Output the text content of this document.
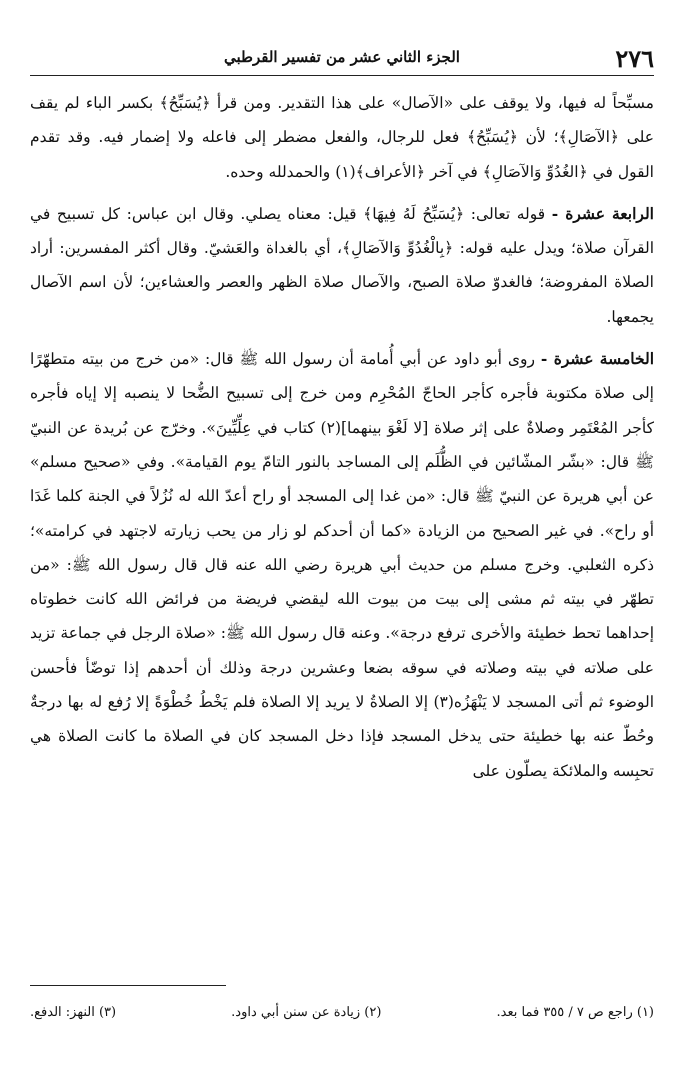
٢٧٦
الجزء الثاني عشر من تفسير القرطبي

مسبِّحاً له فيها، ولا يوقف على «الآصال» على هذا التقدير. ومن قرأ ﴿يُسَبِّحُ﴾ بكسر الباء لم يقف على ﴿الآصَالِ﴾؛ لأن ﴿يُسَبِّحُ﴾ فعل للرجال، والفعل مضطر إلى فاعله ولا إضمار فيه. وقد تقدم القول في ﴿الغُدُوِّ وَالآصَالِ﴾ في آخر ﴿الأعراف﴾(١) والحمدلله وحده.

الرابعة عشرة - قوله تعالى: ﴿يُسَبِّحُ لَهُ فِيهَا﴾ قيل: معناه يصلي. وقال ابن عباس: كل تسبيح في القرآن صلاة؛ ويدل عليه قوله: ﴿بِالْغُدُوِّ وَالآصَالِ﴾، أي بالغداة والعَشيّ. وقال أكثر المفسرين: أراد الصلاة المفروضة؛ فالغدوّ صلاة الصبح، والآصال صلاة الظهر والعصر والعشاءين؛ لأن اسم الآصال يجمعها.

الخامسة عشرة - روى أبو داود عن أبي أُمامة أن رسول الله ﷺ قال: «من خرج من بيته متطهّرًا إلى صلاة مكتوبة فأجره كأجر الحاجّ المُحْرِم ومن خرج إلى تسبيح الضُّحا لا ينصبه إلا إياه فأجره كأجر المُعْتَمِر وصلاةٌ على إثر صلاة [لا لَغْوَ بينهما](٢) كتاب في عِلِّيِّينَ». وخرّج عن بُريدة عن النبيّ ﷺ قال: «بشّر المشّائين في الظُّلَم إلى المساجد بالنور التامّ يوم القيامة». وفي «صحيح مسلم» عن أبي هريرة عن النبيّ ﷺ قال: «من غدا إلى المسجد أو راح أعدّ الله له نُزُلاً في الجنة كلما غَدَا أو راح». في غير الصحيح من الزيادة «كما أن أحدكم لو زار من يحب زيارته لاجتهد في كرامته»؛ ذكره الثعلبي. وخرج مسلم من حديث أبي هريرة رضي الله عنه قال قال رسول الله ﷺ: «من تطهّر في بيته ثم مشى إلى بيت من بيوت الله ليقضي فريضة من فرائض الله كانت خطوتاه إحداهما تحط خطيئة والأخرى ترفع درجة». وعنه قال رسول الله ﷺ: «صلاة الرجل في جماعة تزيد على صلاته في بيته وصلاته في سوقه بضعا وعشرين درجة وذلك أن أحدهم إذا توضّأ فأحسن الوضوء ثم أتى المسجد لا يَنْهَزُه(٣) إلا الصلاةُ لا يريد إلا الصلاة فلم يَخْطُ خُطْوَةً إلا رُفع له بها درجةٌ وحُطّ عنه بها خطيئة حتى يدخل المسجد فإذا دخل المسجد كان في الصلاة ما كانت الصلاة هي تحبِسه والملائكة يصلّون على

(١) راجع ص ٧ / ٣٥٥ فما بعد.
(٢) زيادة عن سنن أبي داود.
(٣) النهز: الدفع.
